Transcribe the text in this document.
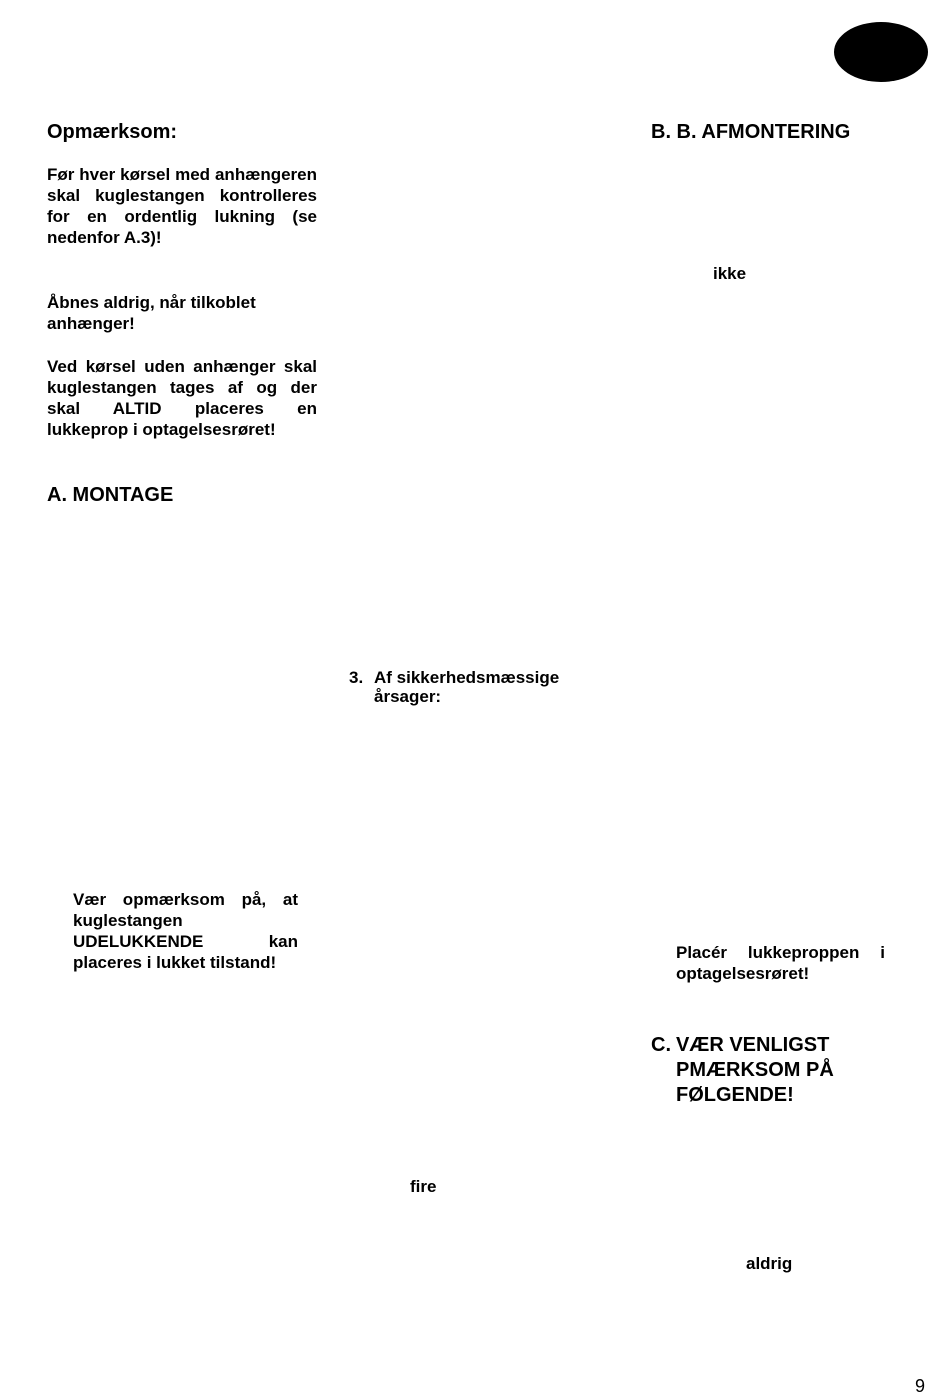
Opmærksom:
Før hver kørsel med anhængeren skal kuglestangen kontrolleres for en ordentlig lukning (se nedenfor A.3)!
Åbnes aldrig, når tilkoblet anhænger!
Ved kørsel uden anhænger skal kuglestangen tages af og der skal ALTID placeres en lukkeprop i optagelsesrøret!
A. MONTAGE
Vær opmærksom på, at kuglestangen UDELUKKENDE kan placeres i lukket tilstand!
3. Af sikkerhedsmæssige årsager:
fire
B. B. AFMONTERING
ikke
Placér lukkeproppen i optagelsesrøret!
C. VÆR VENLIGST PMÆRKSOM PÅ FØLGENDE!
aldrig
9
